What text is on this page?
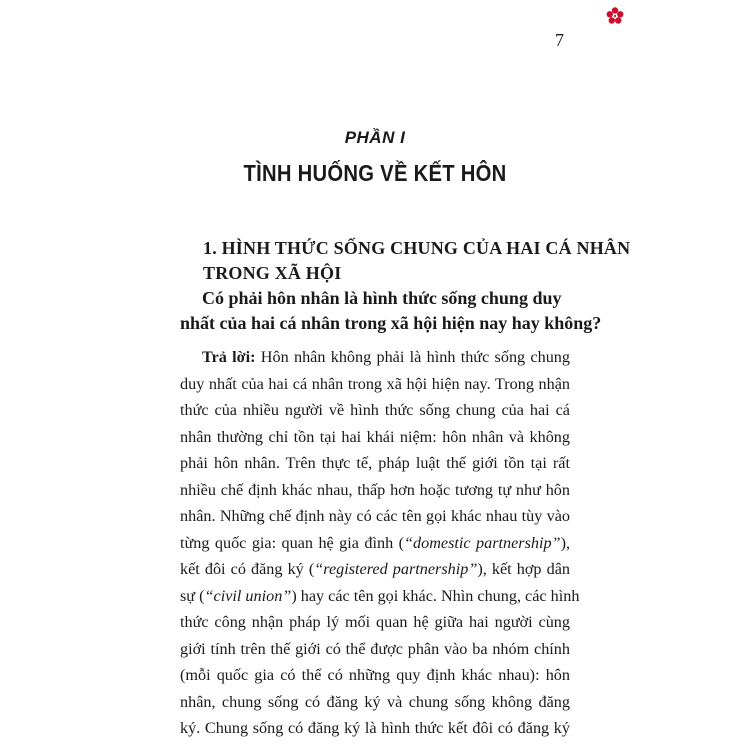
7
PHẦN I
TÌNH HUỐNG VỀ KẾT HÔN
1. HÌNH THỨC SỐNG CHUNG CỦA HAI CÁ NHÂN
TRONG XÃ HỘI
Có phải hôn nhân là hình thức sống chung duy
nhất của hai cá nhân trong xã hội hiện nay hay không?
Trả lời: Hôn nhân không phải là hình thức sống chung
duy nhất của hai cá nhân trong xã hội hiện nay. Trong nhận
thức của nhiều người về hình thức sống chung của hai cá
nhân thường chỉ tồn tại hai khái niệm: hôn nhân và không
phải hôn nhân. Trên thực tế, pháp luật thế giới tồn tại rất
nhiều chế định khác nhau, thấp hơn hoặc tương tự như hôn
nhân. Những chế định này có các tên gọi khác nhau tùy vào
từng quốc gia: quan hệ gia đình (“domestic partnership”),
kết đôi có đăng ký (“registered partnership”), kết hợp dân
sự (“civil union”) hay các tên gọi khác. Nhìn chung, các hình
thức công nhận pháp lý mối quan hệ giữa hai người cùng
giới tính trên thế giới có thể được phân vào ba nhóm chính
(mỗi quốc gia có thể có những quy định khác nhau): hôn
nhân, chung sống có đăng ký và chung sống không đăng
ký. Chung sống có đăng ký là hình thức kết đôi có đăng ký
